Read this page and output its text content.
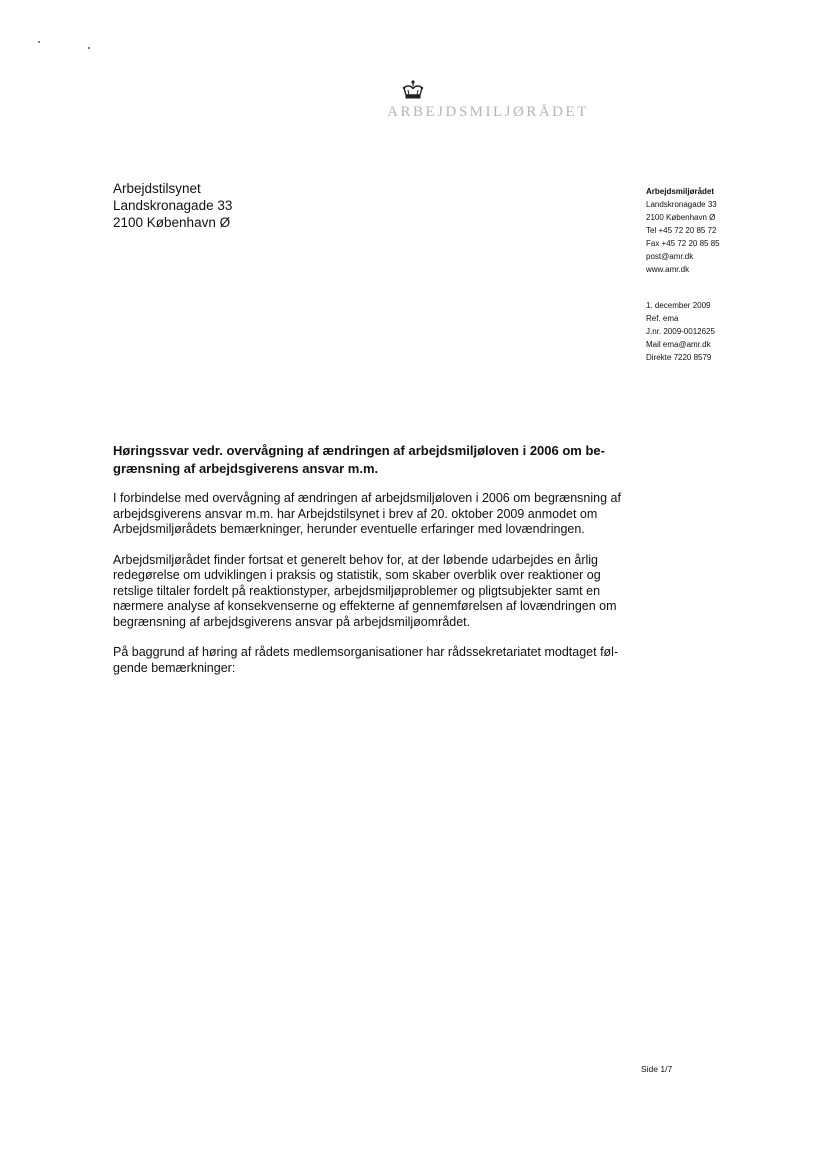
ARBEJDSMILJØRÅDET
Arbejdstilsynet
Landskronagade 33
2100 København Ø
Arbejdsmiljørådet
Landskronagade 33
2100 København Ø
Tel +45 72 20 85 72
Fax +45 72 20 85 85
post@amr.dk
www.amr.dk
1. december 2009
Ref. ema
J.nr. 2009-0012625
Mail ema@amr.dk
Direkte 7220 8579

Høringssvar vedr. overvågning af ændringen af arbejdsmiljøloven i 2006 om be-
grænsning af arbejdsgiverens ansvar m.m.

I forbindelse med overvågning af ændringen af arbejdsmiljøloven i 2006 om begrænsning af
arbejdsgiverens ansvar m.m. har Arbejdstilsynet i brev af 20. oktober 2009 anmodet om
Arbejdsmiljørådets bemærkninger, herunder eventuelle erfaringer med lovændringen.

Arbejdsmiljørådet finder fortsat et generelt behov for, at der løbende udarbejdes en årlig
redegørelse om udviklingen i praksis og statistik, som skaber overblik over reaktioner og
retslige tiltaler fordelt på reaktionstyper, arbejdsmiljøproblemer og pligtsubjekter samt en
nærmere analyse af konsekvenserne og effekterne af gennemførelsen af lovændringen om
begrænsning af arbejdsgiverens ansvar på arbejdsmiljøområdet.

På baggrund af høring af rådets medlemsorganisationer har rådssekretariatet modtaget føl-
gende bemærkninger:

Side 1/7
